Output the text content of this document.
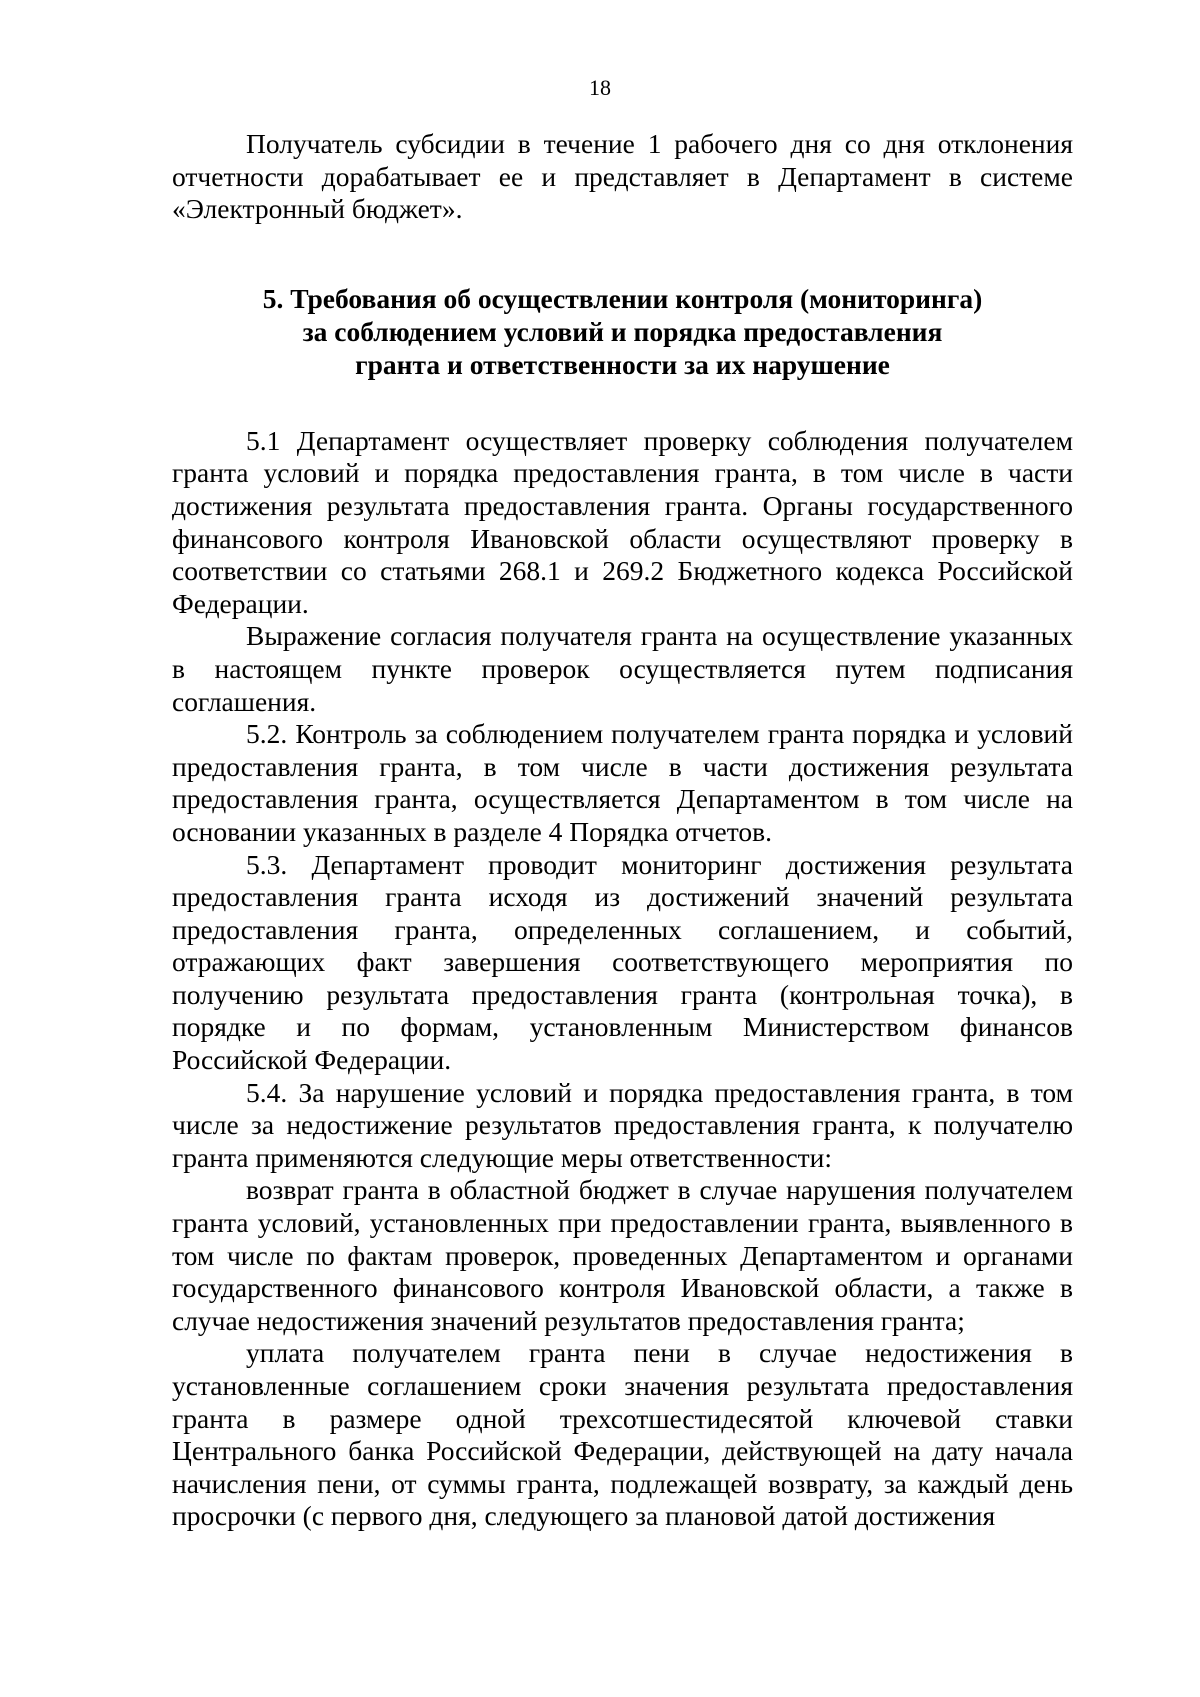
18

Получатель субсидии в течение 1 рабочего дня со дня отклонения отчетности дорабатывает ее и представляет в Департамент в системе «Электронный бюджет».

5. Требования об осуществлении контроля (мониторинга)
за соблюдением условий и порядка предоставления
гранта и ответственности за их нарушение

5.1 Департамент осуществляет проверку соблюдения получателем гранта условий и порядка предоставления гранта, в том числе в части достижения результата предоставления гранта. Органы государственного финансового контроля Ивановской области осуществляют проверку в соответствии со статьями 268.1 и 269.2 Бюджетного кодекса Российской Федерации.

Выражение согласия получателя гранта на осуществление указанных в настоящем пункте проверок осуществляется путем подписания соглашения.

5.2. Контроль за соблюдением получателем гранта порядка и условий предоставления гранта, в том числе в части достижения результата предоставления гранта, осуществляется Департаментом в том числе на основании указанных в разделе 4 Порядка отчетов.

5.3. Департамент проводит мониторинг достижения результата предоставления гранта исходя из достижений значений результата предоставления гранта, определенных соглашением, и событий, отражающих факт завершения соответствующего мероприятия по получению результата предоставления гранта (контрольная точка), в порядке и по формам, установленным Министерством финансов Российской Федерации.

5.4. За нарушение условий и порядка предоставления гранта, в том числе за недостижение результатов предоставления гранта, к получателю гранта применяются следующие меры ответственности:

возврат гранта в областной бюджет в случае нарушения получателем гранта условий, установленных при предоставлении гранта, выявленного в том числе по фактам проверок, проведенных Департаментом и органами государственного финансового контроля Ивановской области, а также в случае недостижения значений результатов предоставления гранта;

уплата получателем гранта пени в случае недостижения в установленные соглашением сроки значения результата предоставления гранта в размере одной трехсотшестидесятой ключевой ставки Центрального банка Российской Федерации, действующей на дату начала начисления пени, от суммы гранта, подлежащей возврату, за каждый день просрочки (с первого дня, следующего за плановой датой достижения
